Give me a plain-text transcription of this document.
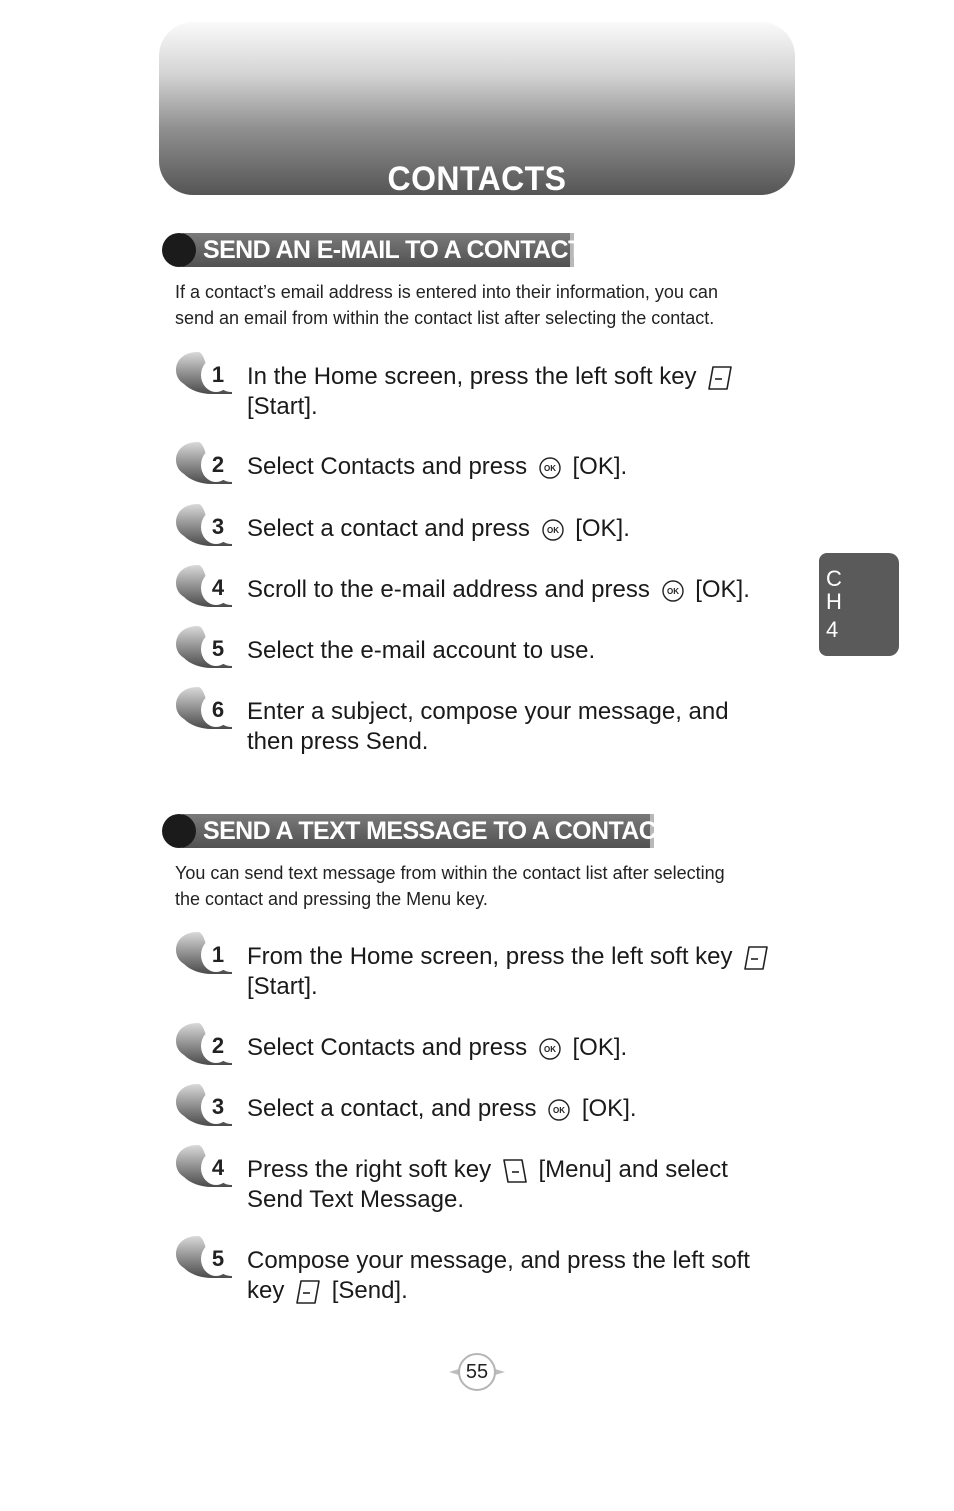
CONTACTS
C
H
4
SEND AN E-MAIL TO A CONTACT
If a contact’s email address is entered into their information, you can
send an email from within the contact list after selecting the contact.
1 In the Home screen, press the left soft key
[Start].
2 Select Contacts and press [OK].
3 Select a contact and press [OK].
4 Scroll to the e-mail address and press [OK].
5 Select the e-mail account to use.
6 Enter a subject, compose your message, and
then press Send.
SEND A TEXT MESSAGE TO A CONTACT
You can send text message from within the contact list after selecting
the contact and pressing the Menu key.
1 From the Home screen, press the left soft key
[Start].
2 Select Contacts and press [OK].
3 Select a contact, and press [OK].
4 Press the right soft key [Menu] and select
Send Text Message.
5 Compose your message, and press the left soft
key [Send].
55
